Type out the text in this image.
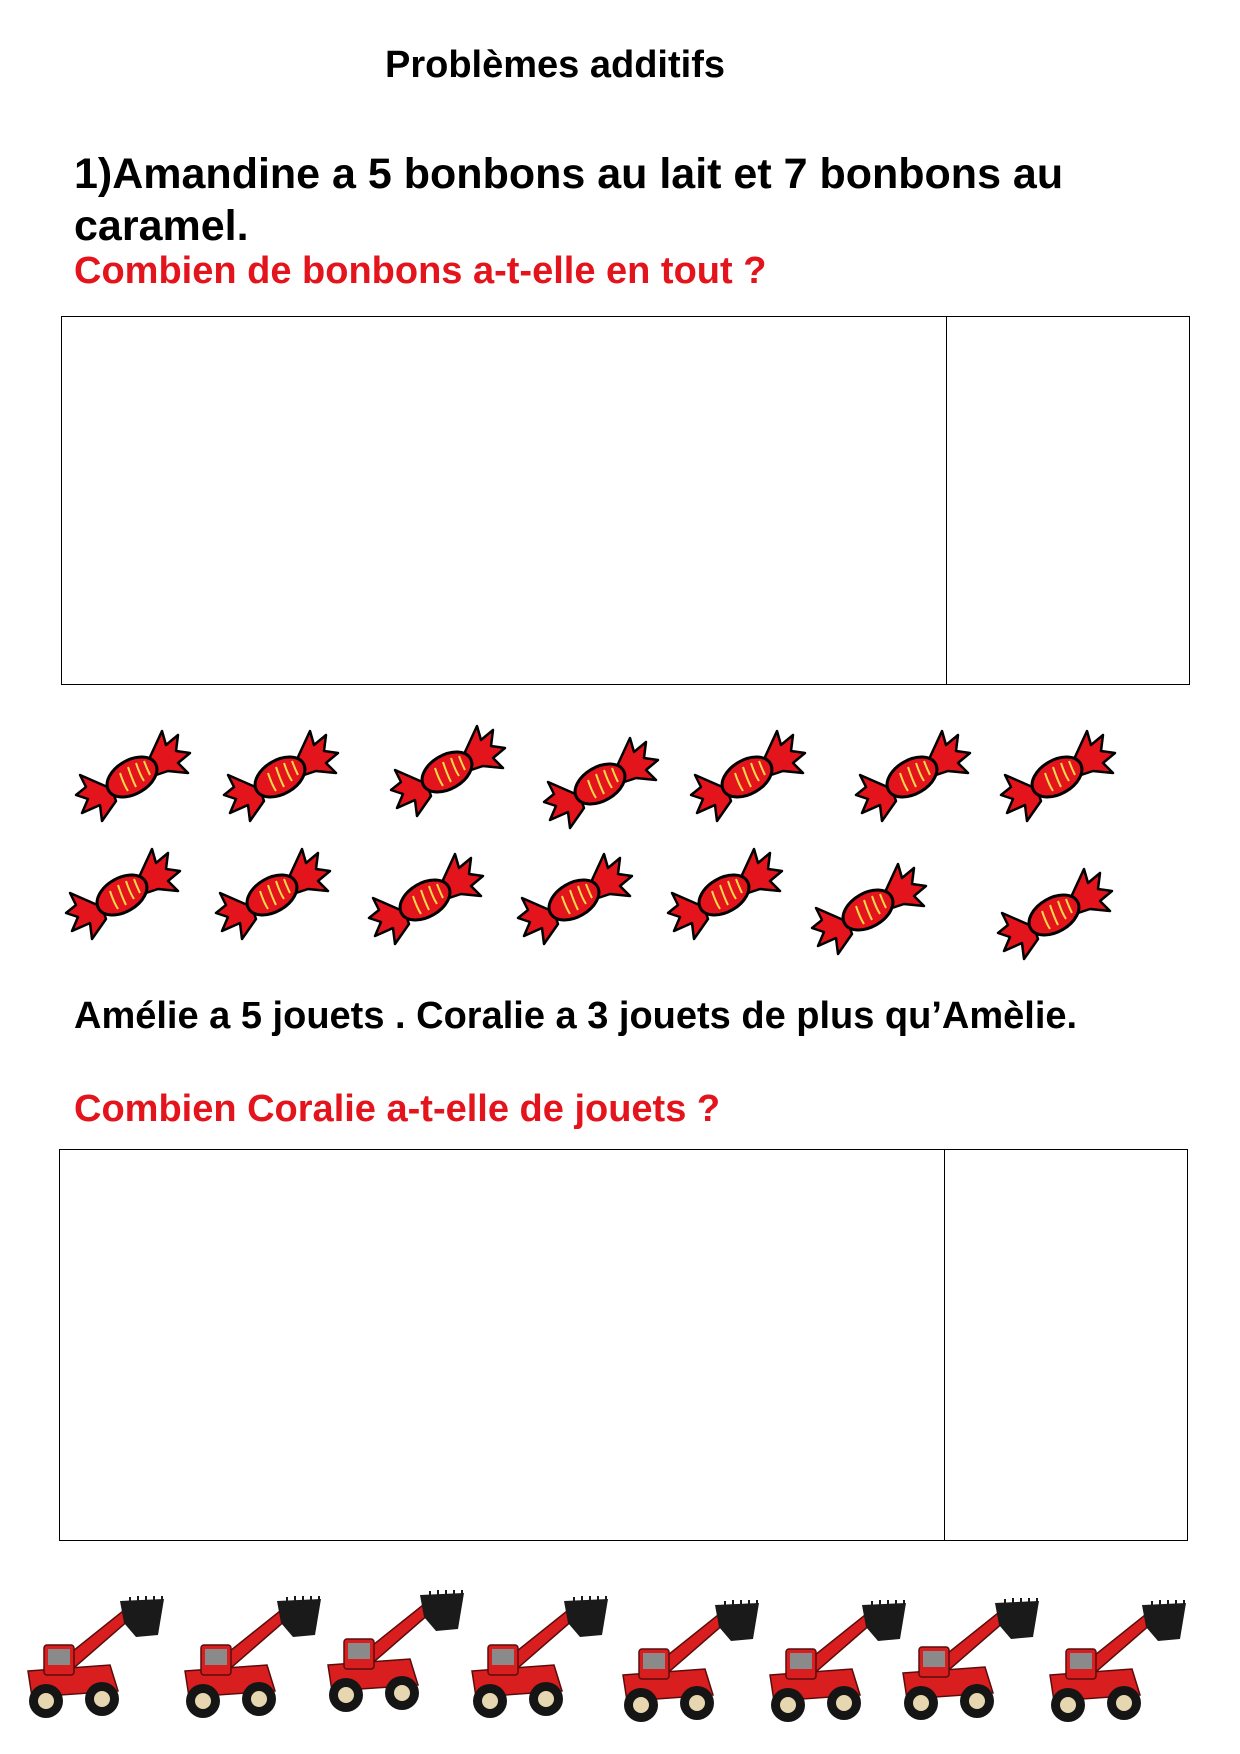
Problèmes additifs
1)Amandine a 5 bonbons au lait et 7 bonbons au caramel.
Combien de bonbons a-t-elle en tout ?
Amélie a 5 jouets . Coralie a 3 jouets de plus qu’Amèlie.
Combien Coralie a-t-elle de jouets ?
